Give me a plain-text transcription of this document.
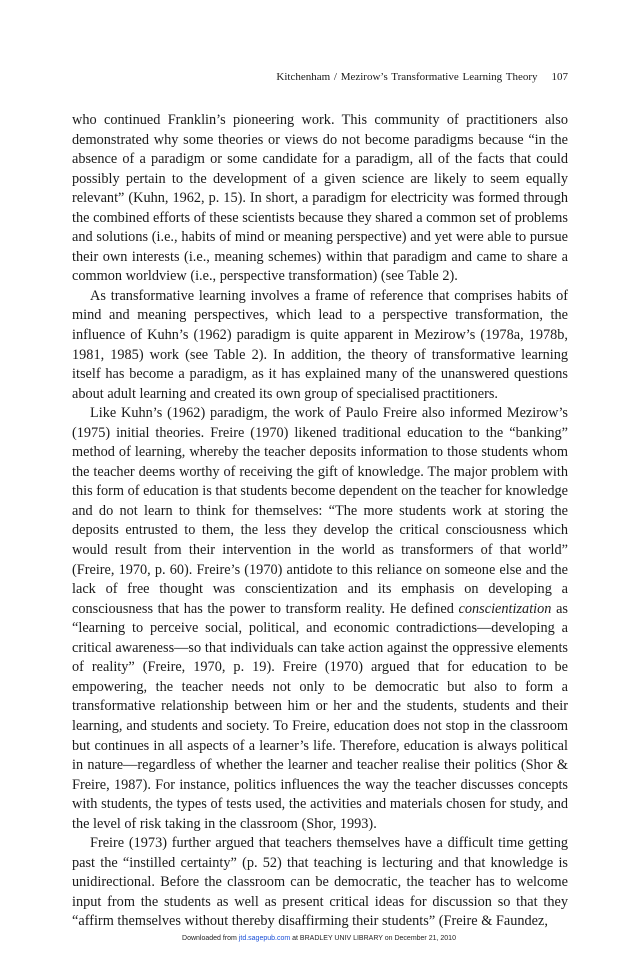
Kitchenham / Mezirow’s Transformative Learning Theory 107

who continued Franklin’s pioneering work. This community of practitioners also demonstrated why some theories or views do not become paradigms because “in the absence of a paradigm or some candidate for a paradigm, all of the facts that could possibly pertain to the development of a given science are likely to seem equally relevant” (Kuhn, 1962, p. 15). In short, a paradigm for electricity was formed through the combined efforts of these scientists because they shared a common set of problems and solutions (i.e., habits of mind or meaning perspective) and yet were able to pursue their own interests (i.e., meaning schemes) within that paradigm and came to share a common worldview (i.e., perspective transformation) (see Table 2).

As transformative learning involves a frame of reference that comprises habits of mind and meaning perspectives, which lead to a perspective transformation, the influence of Kuhn’s (1962) paradigm is quite apparent in Mezirow’s (1978a, 1978b, 1981, 1985) work (see Table 2). In addition, the theory of transformative learning itself has become a paradigm, as it has explained many of the unanswered questions about adult learning and created its own group of specialised practitioners.

Like Kuhn’s (1962) paradigm, the work of Paulo Freire also informed Mezirow’s (1975) initial theories. Freire (1970) likened traditional education to the “banking” method of learning, whereby the teacher deposits information to those students whom the teacher deems worthy of receiving the gift of knowledge. The major problem with this form of education is that students become dependent on the teacher for knowledge and do not learn to think for themselves: “The more students work at storing the deposits entrusted to them, the less they develop the critical consciousness which would result from their intervention in the world as transformers of that world” (Freire, 1970, p. 60). Freire’s (1970) antidote to this reliance on someone else and the lack of free thought was conscientization and its emphasis on developing a consciousness that has the power to transform reality. He defined conscientization as “learning to perceive social, political, and economic contradictions—developing a critical awareness—so that individuals can take action against the oppressive elements of reality” (Freire, 1970, p. 19). Freire (1970) argued that for education to be empowering, the teacher needs not only to be democratic but also to form a transformative relationship between him or her and the students, students and their learning, and students and society. To Freire, education does not stop in the classroom but continues in all aspects of a learner’s life. Therefore, education is always political in nature—regardless of whether the learner and teacher realise their politics (Shor & Freire, 1987). For instance, politics influences the way the teacher discusses concepts with students, the types of tests used, the activities and materials chosen for study, and the level of risk taking in the classroom (Shor, 1993).

Freire (1973) further argued that teachers themselves have a difficult time getting past the “instilled certainty” (p. 52) that teaching is lecturing and that knowledge is unidirectional. Before the classroom can be democratic, the teacher has to welcome input from the students as well as present critical ideas for discussion so that they “affirm themselves without thereby disaffirming their students” (Freire & Faundez,

Downloaded from jtd.sagepub.com at BRADLEY UNIV LIBRARY on December 21, 2010
